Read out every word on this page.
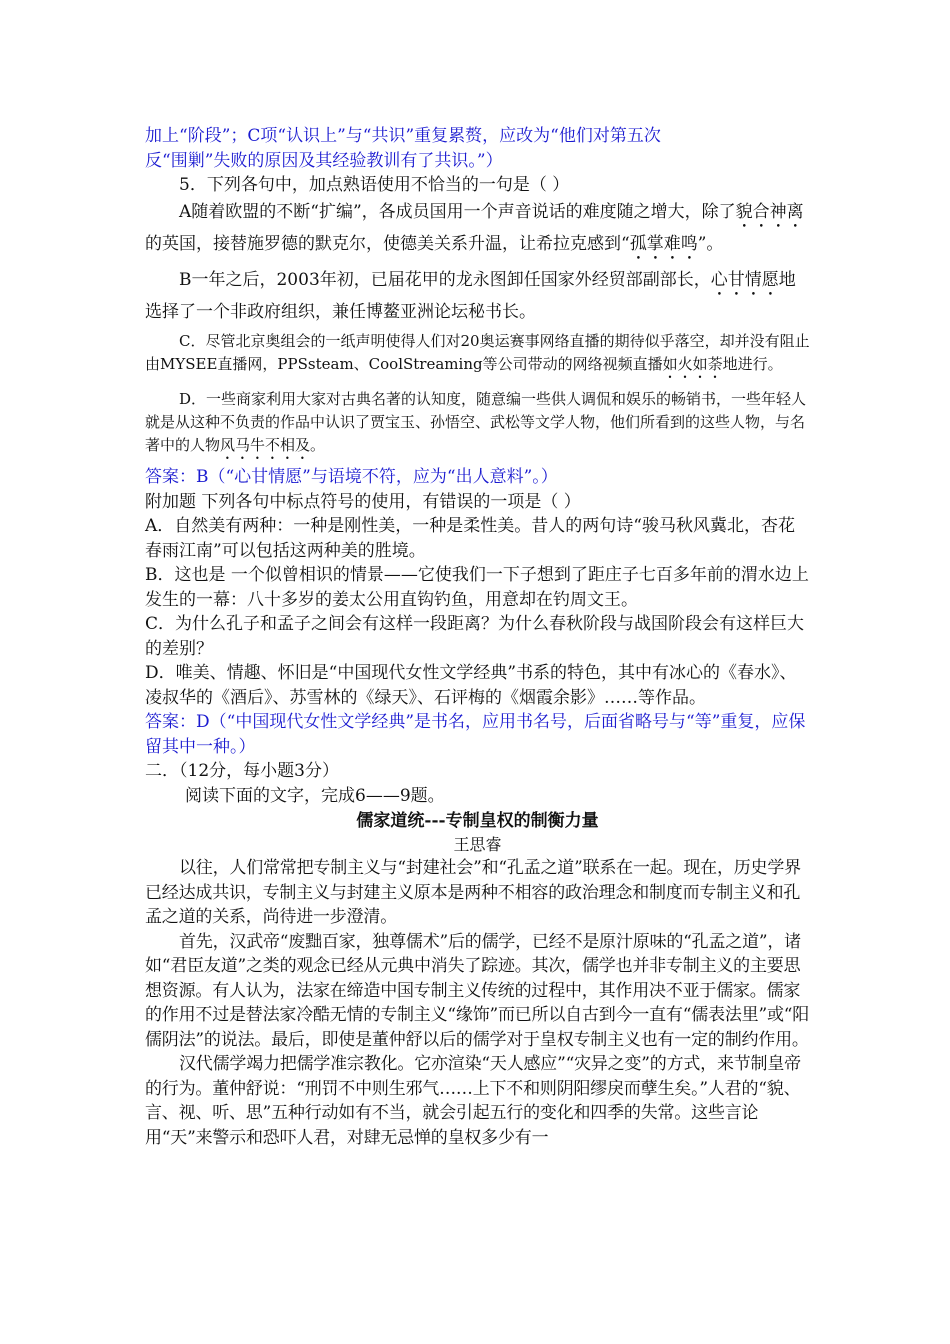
加上“阶段”；C项“认识上”与“共识”重复累赘，应改为“他们对第五次

反“围剿”失败的原因及其经验教训有了共识。”）

5．下列各句中，加点熟语使用不恰当的一句是（ ）

A随着欧盟的不断“扩编”，各成员国用一个声音说话的难度随之增大，除了貌合神离的英国，接替施罗德的默克尔，使德美关系升温，让希拉克感到“孤掌难鸣”。

B一年之后，2003年初，已届花甲的龙永图卸任国家外经贸部副部长，心甘情愿地选择了一个非政府组织，兼任博鳌亚洲论坛秘书长。

C．尽管北京奥组会的一纸声明使得人们对20奥运赛事网络直播的期待似乎落空，却并没有阻止由MYSEE直播网，PPSsteam、CoolStreaming等公司带动的网络视频直播如火如荼地进行。

D．一些商家利用大家对古典名著的认知度，随意编一些供人调侃和娱乐的畅销书，一些年轻人就是从这种不负责的作品中认识了贾宝玉、孙悟空、武松等文学人物，他们所看到的这些人物，与名著中的人物风马牛不相及。

答案：B（“心甘情愿”与语境不符，应为“出人意料”。）

附加题 下列各句中标点符号的使用，有错误的一项是（ ）

A．自然美有两种：一种是刚性美，一种是柔性美。昔人的两句诗“骏马秋风冀北，杏花春雨江南”可以包括这两种美的胜境。

B．这也是 一个似曾相识的情景——它使我们一下子想到了距庄子七百多年前的渭水边上发生的一幕：八十多岁的姜太公用直钩钓鱼，用意却在钓周文王。

C．为什么孔子和孟子之间会有这样一段距离？为什么春秋阶段与战国阶段会有这样巨大的差别？

D．唯美、情趣、怀旧是“中国现代女性文学经典”书系的特色，其中有冰心的《春水》、凌叔华的《酒后》、苏雪林的《绿天》、石评梅的《烟霞余影》……等作品。

答案：D（“中国现代女性文学经典”是书名，应用书名号，后面省略号与“等”重复，应保留其中一种。）

二．（12分，每小题3分）

阅读下面的文字，完成6——9题。

儒家道统---专制皇权的制衡力量

王思睿

以往，人们常常把专制主义与“封建社会”和“孔孟之道”联系在一起。现在，历史学界已经达成共识，专制主义与封建主义原本是两种不相容的政治理念和制度而专制主义和孔孟之道的关系，尚待进一步澄清。

首先，汉武帝“废黜百家，独尊儒术”后的儒学，已经不是原汁原味的“孔孟之道”，诸如“君臣友道”之类的观念已经从元典中消失了踪迹。其次，儒学也并非专制主义的主要思想资源。有人认为，法家在缔造中国专制主义传统的过程中，其作用决不亚于儒家。儒家的作用不过是替法家冷酷无情的专制主义“缘饰”而已所以自古到今一直有“儒表法里”或“阳儒阴法”的说法。最后，即使是董仲舒以后的儒学对于皇权专制主义也有一定的制约作用。

汉代儒学竭力把儒学准宗教化。它亦渲染“天人感应”“灾异之变”的方式，来节制皇帝的行为。董仲舒说：“刑罚不中则生邪气……上下不和则阴阳缪戾而孽生矣。”人君的“貌、言、视、听、思”五种行动如有不当，就会引起五行的变化和四季的失常。这些言论用“天”来警示和恐吓人君，对肆无忌惮的皇权多少有一
